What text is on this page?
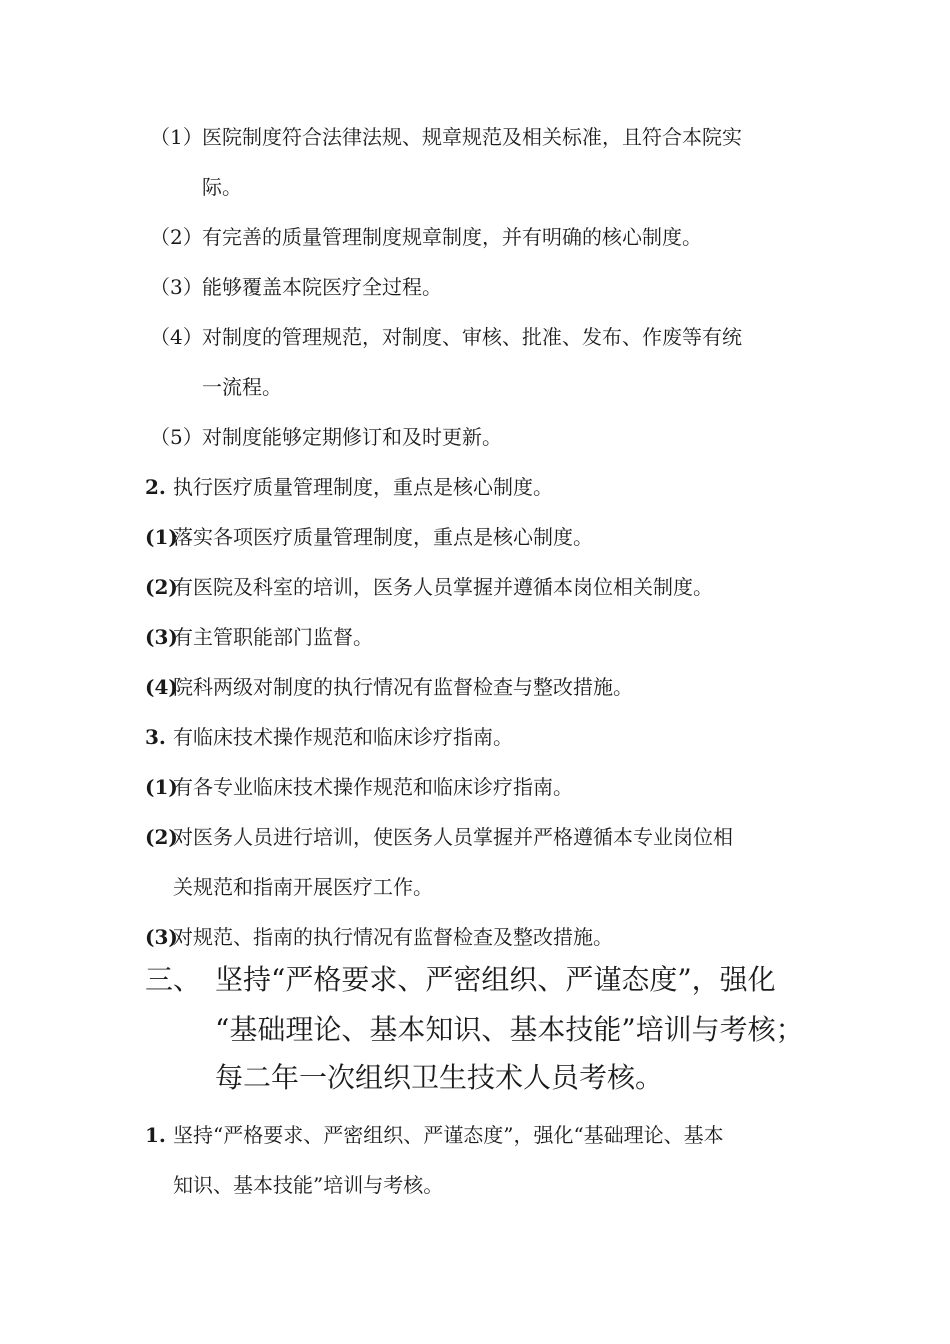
（1） 医院制度符合法律法规、规章规范及相关标准，且符合本院实
际。
（2） 有完善的质量管理制度规章制度，并有明确的核心制度。
（3） 能够覆盖本院医疗全过程。
（4） 对制度的管理规范，对制度、审核、批准、发布、作废等有统
一流程。
（5） 对制度能够定期修订和及时更新。
2. 执行医疗质量管理制度，重点是核心制度。
(1)
落实各项医疗质量管理制度，重点是核心制度。
(2)
有医院及科室的培训，医务人员掌握并遵循本岗位相关制度。
(3)
有主管职能部门监督。
(4)
院科两级对制度的执行情况有监督检查与整改措施。
3. 有临床技术操作规范和临床诊疗指南。
(1)
有各专业临床技术操作规范和临床诊疗指南。
(2)
对医务人员进行培训，使医务人员掌握并严格遵循本专业岗位相
关规范和指南开展医疗工作。
(3)
对规范、指南的执行情况有监督检查及整改措施。
三、 坚持“严格要求、严密组织、严谨态度”，强化
“基础理论、基本知识、基本技能”培训与考核；
每二年一次组织卫生技术人员考核。
1. 坚持“严格要求、严密组织、严谨态度”，强化“基础理论、基本
知识、基本技能”培训与考核。
